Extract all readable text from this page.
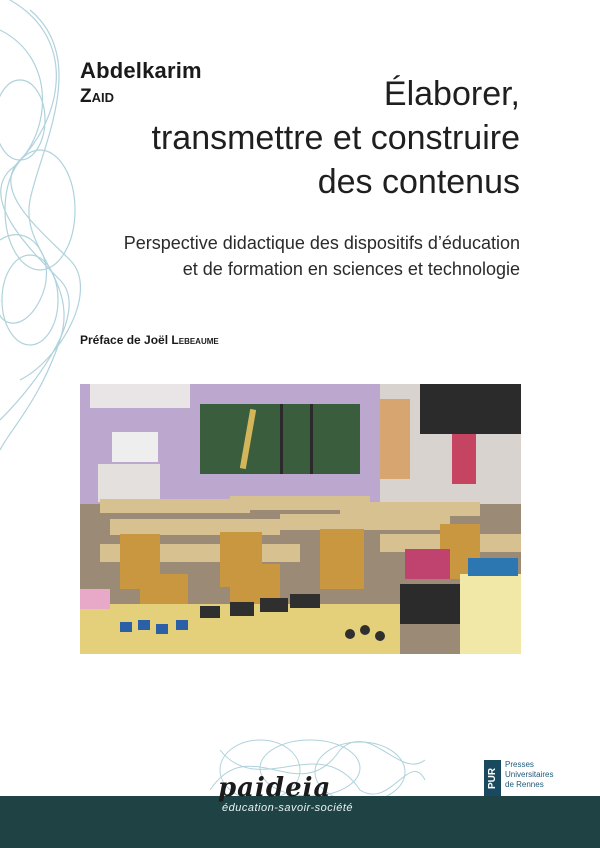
Abdelkarim
Zaid	Élaborer,
transmettre et construire
des contenus
Perspective didactique des dispositifs d’éducation
et de formation en sciences et technologie
Préface de Joël Lebeaume
paideia
éducation-savoir-société
PUR
Presses
Universitaires
de Rennes
